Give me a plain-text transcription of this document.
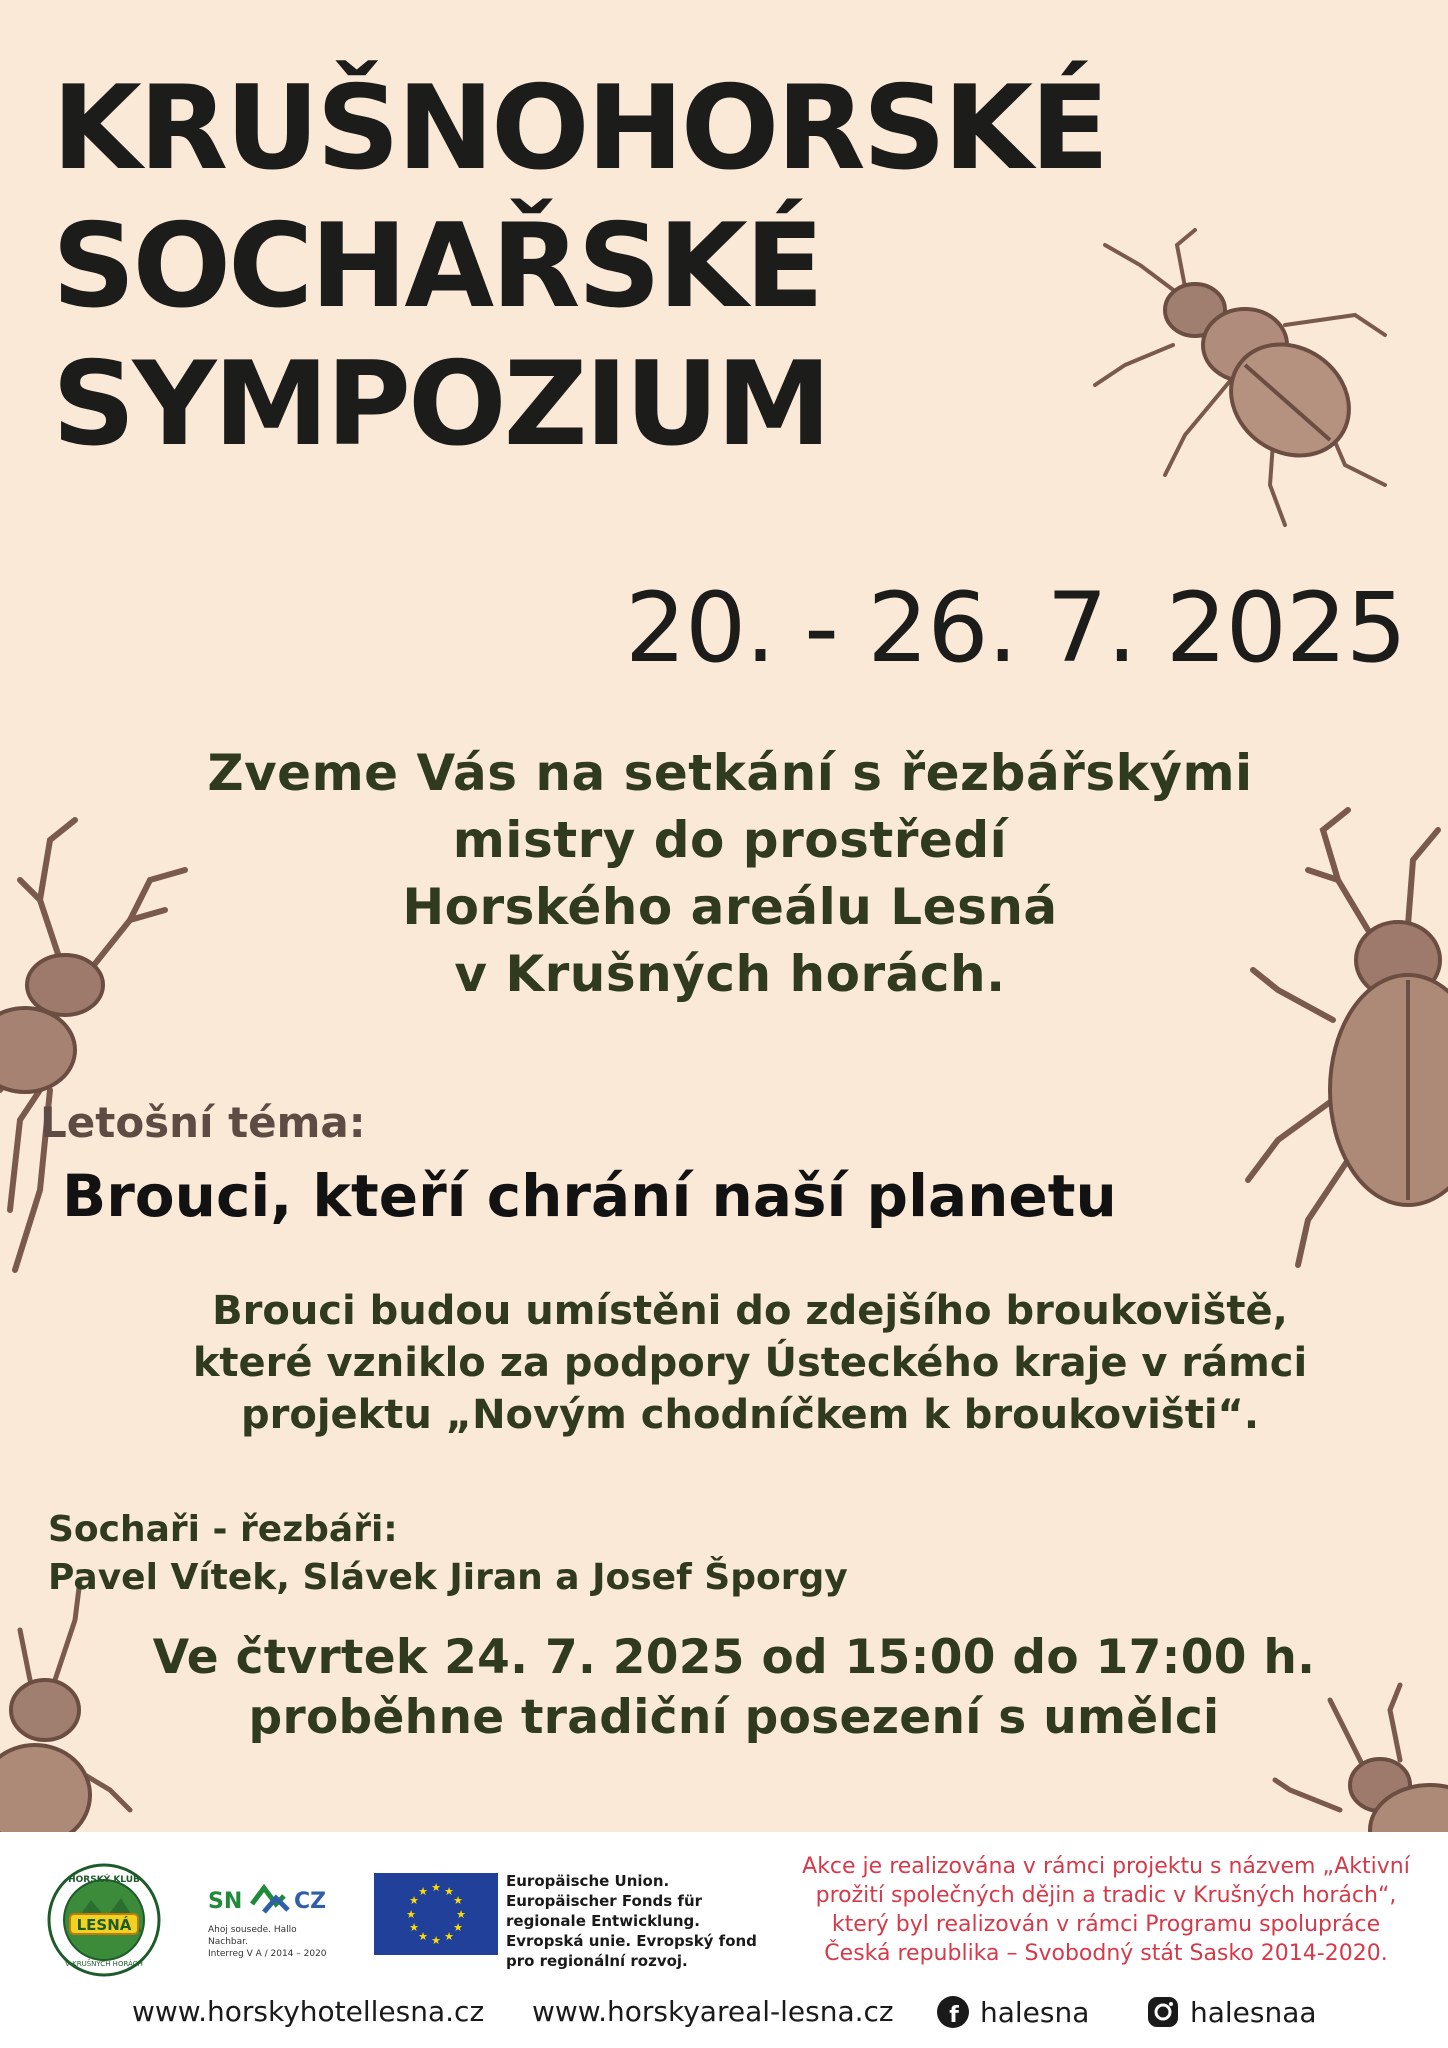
KRUŠNOHORSKÉ
SOCHAŘSKÉ
SYMPOZIUM
20. - 26. 7. 2025
Zveme Vás na setkání s řezbářskými
mistry do prostředí
Horského areálu Lesná
v Krušných horách.
Letošní téma:
Brouci, kteří chrání naší planetu
Brouci budou umístěni do zdejšího broukoviště,
které vzniklo za podpory Ústeckého kraje v rámci
projektu „Novým chodníčkem k broukovišti“.
Sochaři - řezbáři:
Pavel Vítek, Slávek Jiran a Josef Šporgy
Ve čtvrtek 24. 7. 2025 od 15:00 do 17:00 h.
proběhne tradiční posezení s umělci
LESNÁ
HORSKÝ KLUB
V KRUŠNÝCH HORÁCH
SN CZ
Ahoj sousede. Hallo Nachbar.
Interreg V A / 2014 – 2020
★ ★
★
★
★
★
★
★
★
★
★
★
Europäische Union. Europäischer Fonds für regionale Entwicklung. Evropská unie. Evropský fond pro regionální rozvoj.
Akce je realizována v rámci projektu s názvem „Aktivní
prožití společných dějin a tradic v Krušných horách“,
který byl realizován v rámci Programu spolupráce
Česká republika – Svobodný stát Sasko 2014-2020.
www.horskyhotellesna.cz www.horskyareal-lesna.cz	f halesna	halesnaa
